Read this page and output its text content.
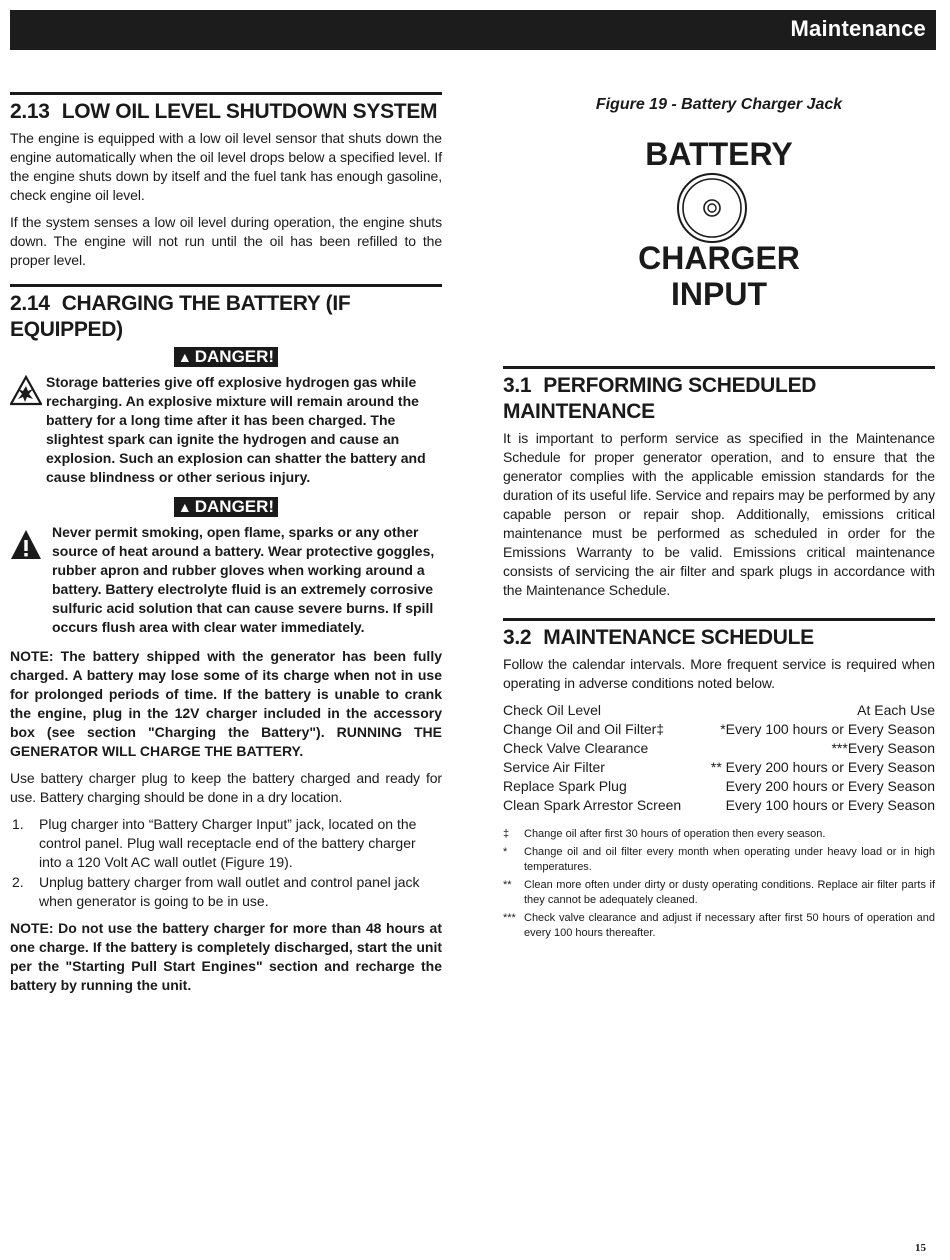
Maintenance
2.13 LOW OIL LEVEL SHUTDOWN SYSTEM

The engine is equipped with a low oil level sensor that shuts down the engine automatically when the oil level drops below a specified level. If the engine shuts down by itself and the fuel tank has enough gasoline, check engine oil level.

If the system senses a low oil level during operation, the engine shuts down. The engine will not run until the oil has been refilled to the proper level.

2.14 CHARGING THE BATTERY (IF EQUIPPED)
▲ DANGER!

Storage batteries give off explosive hydrogen gas while recharging. An explosive mixture will remain around the battery for a long time after it has been charged. The slightest spark can ignite the hydrogen and cause an explosion. Such an explosion can shatter the battery and cause blindness or other serious injury.

▲ DANGER!

Never permit smoking, open flame, sparks or any other source of heat around a battery. Wear protective goggles, rubber apron and rubber gloves when working around a battery. Battery electrolyte fluid is an extremely corrosive sulfuric acid solution that can cause severe burns. If spill occurs flush area with clear water immediately.

NOTE: The battery shipped with the generator has been fully charged. A battery may lose some of its charge when not in use for prolonged periods of time. If the battery is unable to crank the engine, plug in the 12V charger included in the accessory box (see section "Charging the Battery"). RUNNING THE GENERATOR WILL CHARGE THE BATTERY.

Use battery charger plug to keep the battery charged and ready for use. Battery charging should be done in a dry location.

1. Plug charger into “Battery Charger Input” jack, located on the control panel. Plug wall receptacle end of the battery charger into a 120 Volt AC wall outlet (Figure 19).
2. Unplug battery charger from wall outlet and control panel jack when generator is going to be in use.

NOTE: Do not use the battery charger for more than 48 hours at one charge. If the battery is completely discharged, start the unit per the "Starting Pull Start Engines" section and recharge the battery by running the unit.

Figure 19 - Battery Charger Jack

BATTERY
CHARGER
INPUT
3.1 PERFORMING SCHEDULED MAINTENANCE

It is important to perform service as specified in the Maintenance Schedule for proper generator operation, and to ensure that the generator complies with the applicable emission standards for the duration of its useful life. Service and repairs may be performed by any capable person or repair shop. Additionally, emissions critical maintenance must be performed as scheduled in order for the Emissions Warranty to be valid. Emissions critical maintenance consists of servicing the air filter and spark plugs in accordance with the Maintenance Schedule.

3.2 MAINTENANCE SCHEDULE

Follow the calendar intervals. More frequent service is required when operating in adverse conditions noted below.

Check Oil Level	At Each Use
Change Oil and Oil Filter‡	*Every 100 hours or Every Season
Check Valve Clearance	***Every Season
Service Air Filter	** Every 200 hours or Every Season
Replace Spark Plug	Every 200 hours or Every Season
Clean Spark Arrestor Screen	Every 100 hours or Every Season
‡ Change oil after first 30 hours of operation then every season.
* Change oil and oil filter every month when operating under heavy load or in high temperatures.
** Clean more often under dirty or dusty operating conditions. Replace air filter parts if they cannot be adequately cleaned.
*** Check valve clearance and adjust if necessary after first 50 hours of operation and every 100 hours thereafter.
15
